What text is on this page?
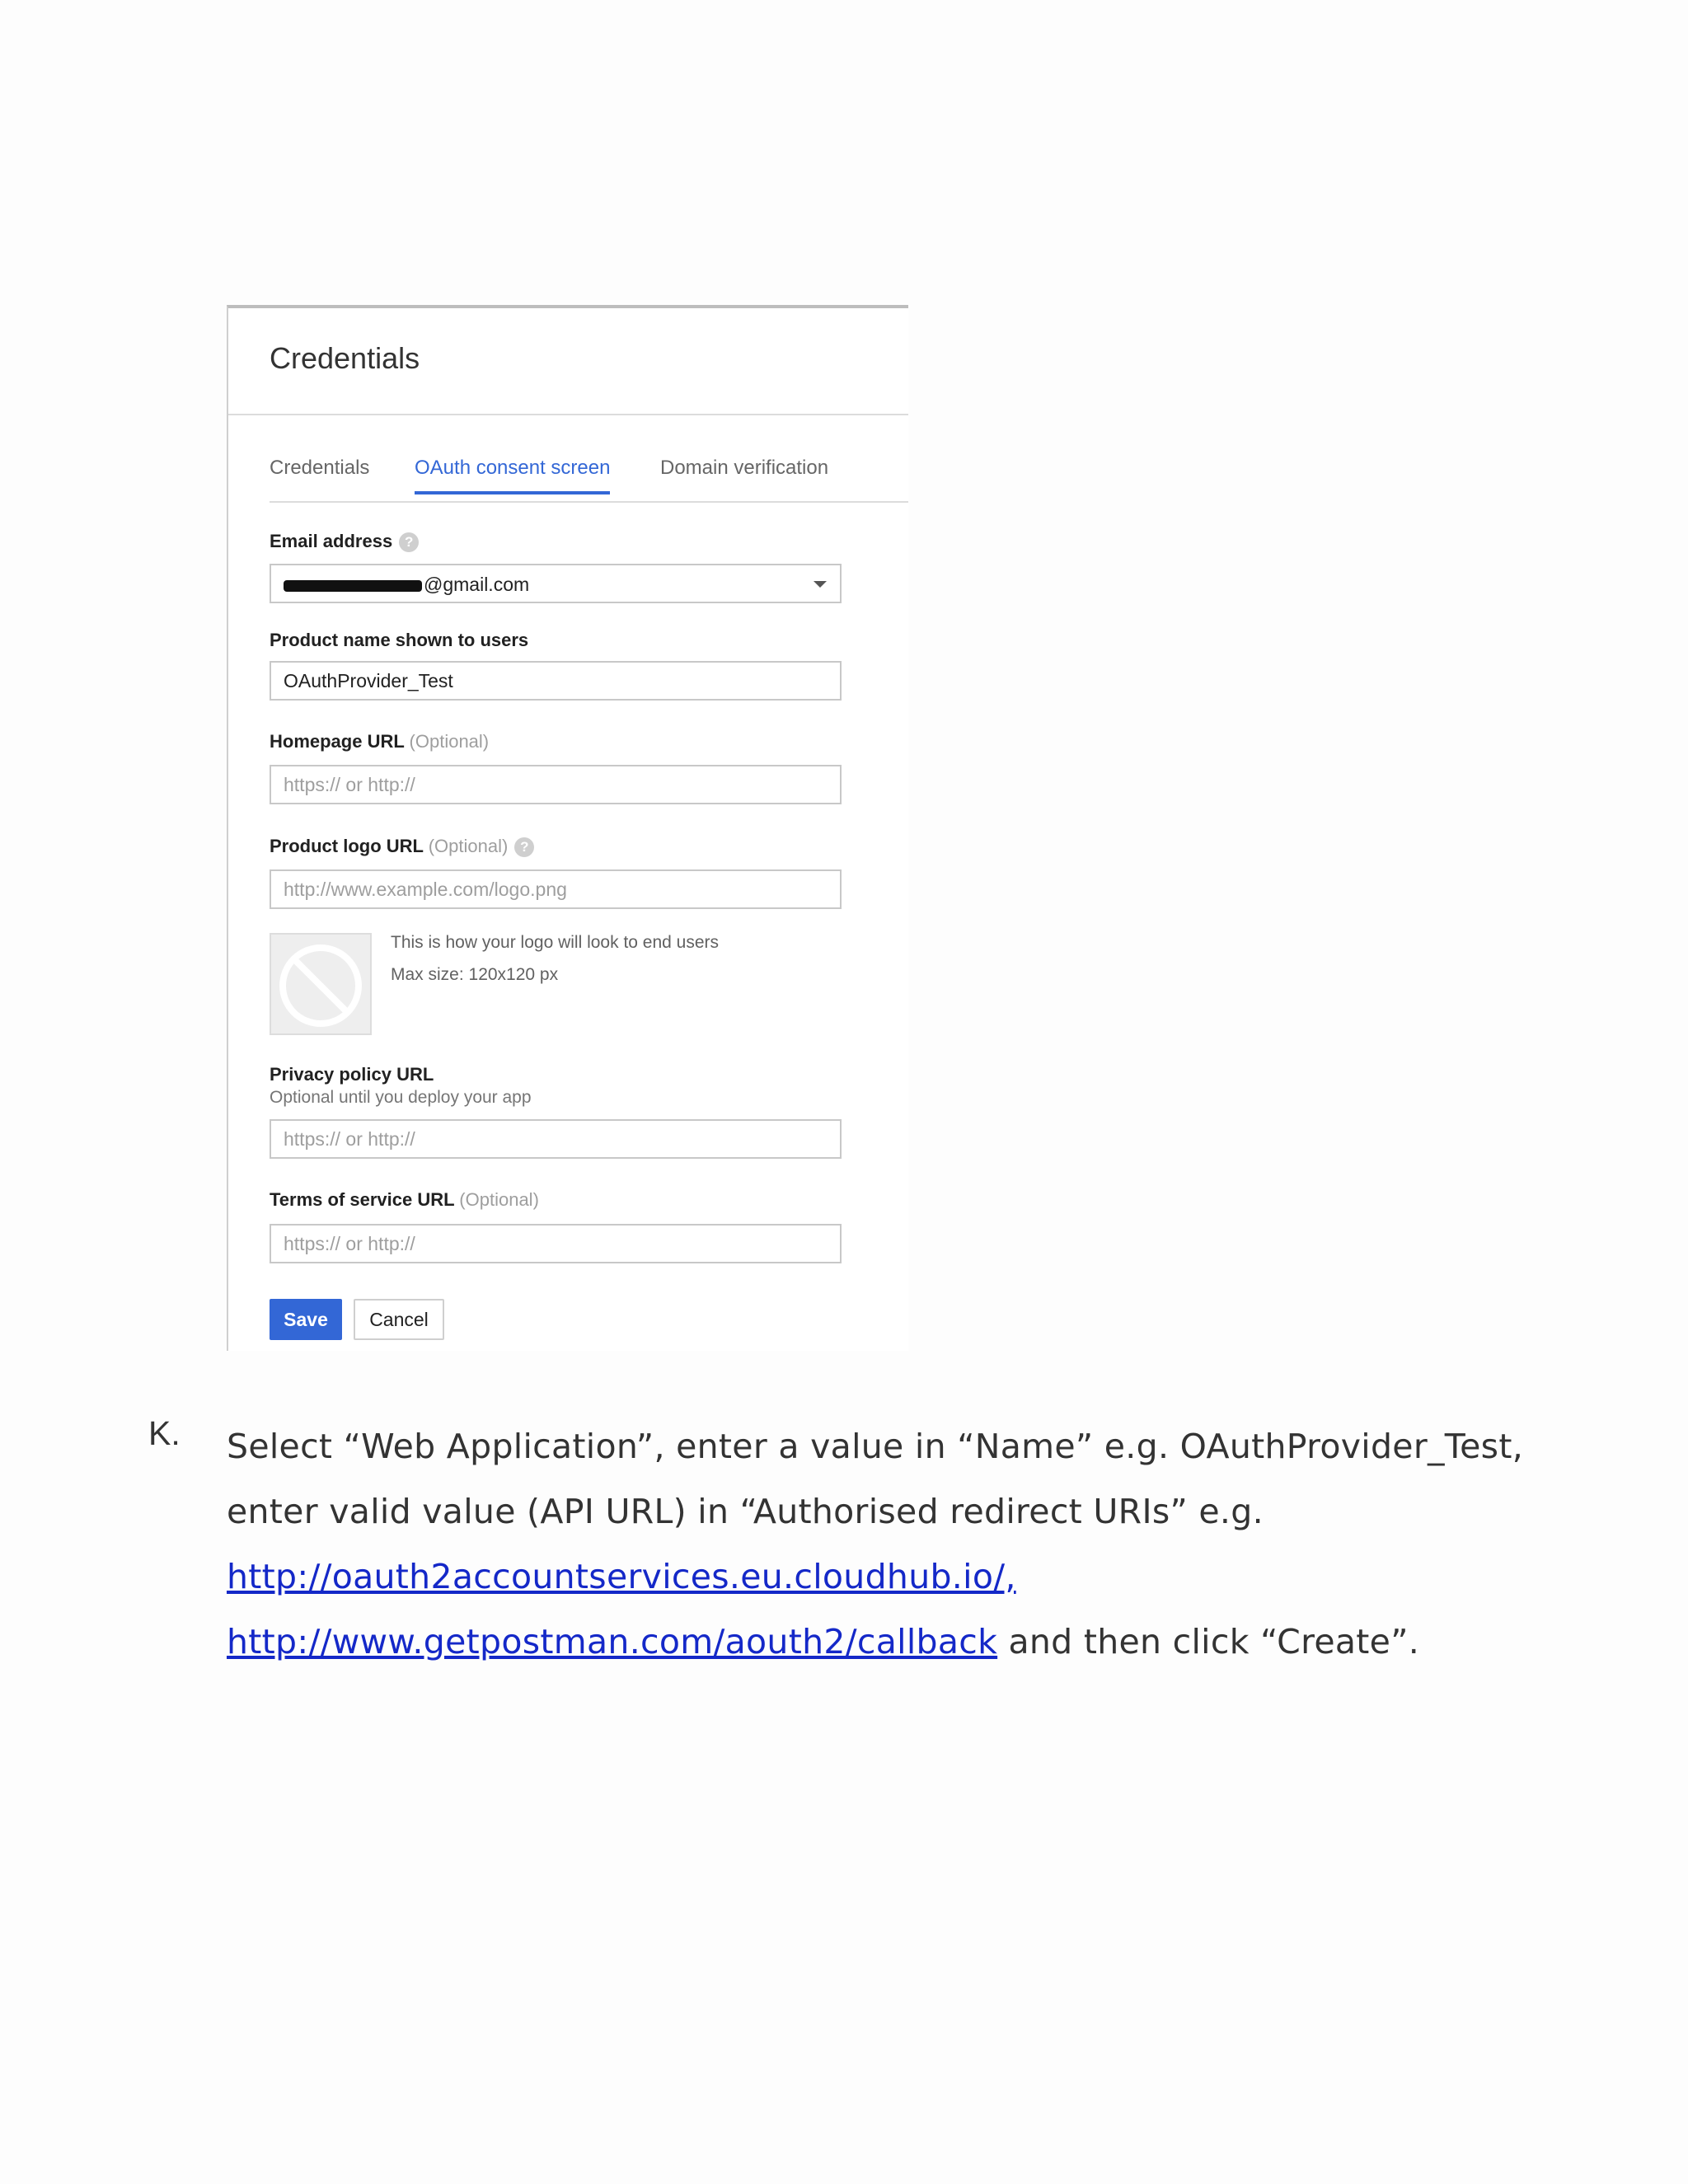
Credentials
Credentials OAuth consent screen	Domain verification
Email address ?
@gmail.com
Product name shown to users
OAuthProvider_Test
Homepage URL (Optional)
https:// or http://
Product logo URL (Optional) ?
http://www.example.com/logo.png
This is how your logo will look to end users
Max size: 120x120 px
Privacy policy URL
Optional until you deploy your app
https:// or http://
Terms of service URL (Optional)
https:// or http://
Save	Cancel
K. Select “Web Application”, enter a value in “Name” e.g. OAuthProvider_Test,
enter valid value (API URL) in “Authorised redirect URIs” e.g.
http://oauth2accountservices.eu.cloudhub.io/,
http://www.getpostman.com/aouth2/callback and then click “Create”.
